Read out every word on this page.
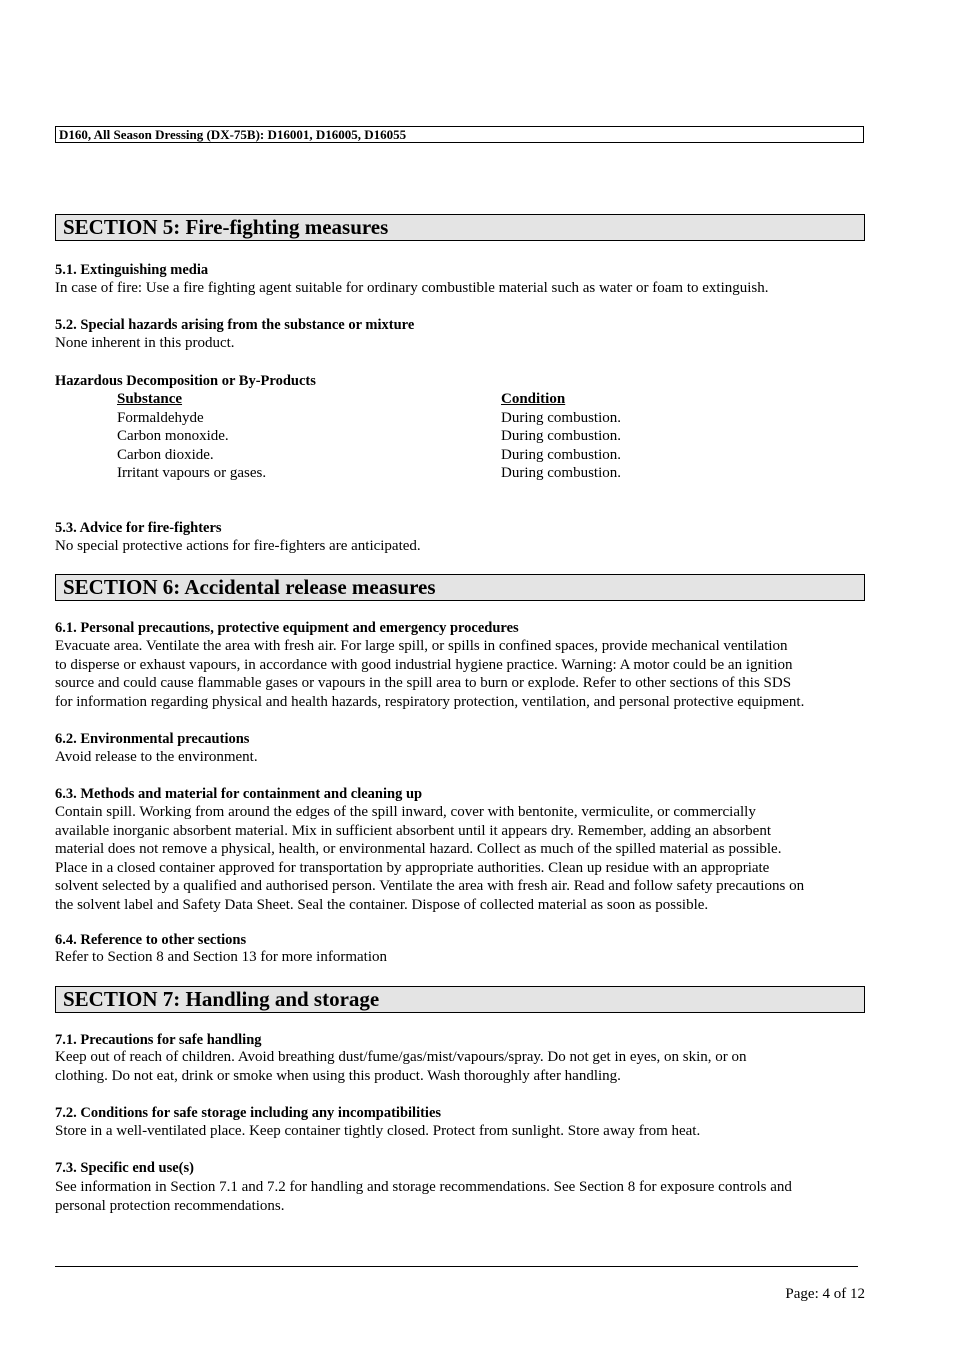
D160, All Season Dressing (DX-75B): D16001, D16005, D16055
SECTION 5: Fire-fighting measures
5.1. Extinguishing media
In case of fire: Use a fire fighting agent suitable for ordinary combustible material such as water or foam to extinguish.
5.2. Special hazards arising from the substance or mixture
None inherent in this product.
Hazardous Decomposition or By-Products
Substance	Condition
Formaldehyde	During combustion.
Carbon monoxide.	During combustion.
Carbon dioxide.	During combustion.
Irritant vapours or gases.	During combustion.
5.3. Advice for fire-fighters
No special protective actions for fire-fighters are anticipated.
SECTION 6: Accidental release measures
6.1. Personal precautions, protective equipment and emergency procedures
Evacuate area. Ventilate the area with fresh air. For large spill, or spills in confined spaces, provide mechanical ventilation
to disperse or exhaust vapours, in accordance with good industrial hygiene practice. Warning: A motor could be an ignition
source and could cause flammable gases or vapours in the spill area to burn or explode. Refer to other sections of this SDS
for information regarding physical and health hazards, respiratory protection, ventilation, and personal protective equipment.
6.2. Environmental precautions
Avoid release to the environment.
6.3. Methods and material for containment and cleaning up
Contain spill. Working from around the edges of the spill inward, cover with bentonite, vermiculite, or commercially
available inorganic absorbent material. Mix in sufficient absorbent until it appears dry. Remember, adding an absorbent
material does not remove a physical, health, or environmental hazard. Collect as much of the spilled material as possible.
Place in a closed container approved for transportation by appropriate authorities. Clean up residue with an appropriate
solvent selected by a qualified and authorised person. Ventilate the area with fresh air. Read and follow safety precautions on
the solvent label and Safety Data Sheet. Seal the container. Dispose of collected material as soon as possible.
6.4. Reference to other sections
Refer to Section 8 and Section 13 for more information
SECTION 7: Handling and storage
7.1. Precautions for safe handling
Keep out of reach of children. Avoid breathing dust/fume/gas/mist/vapours/spray. Do not get in eyes, on skin, or on
clothing. Do not eat, drink or smoke when using this product. Wash thoroughly after handling.
7.2. Conditions for safe storage including any incompatibilities
Store in a well-ventilated place. Keep container tightly closed. Protect from sunlight. Store away from heat.
7.3. Specific end use(s)
See information in Section 7.1 and 7.2 for handling and storage recommendations. See Section 8 for exposure controls and
personal protection recommendations.
Page: 4 of 12
